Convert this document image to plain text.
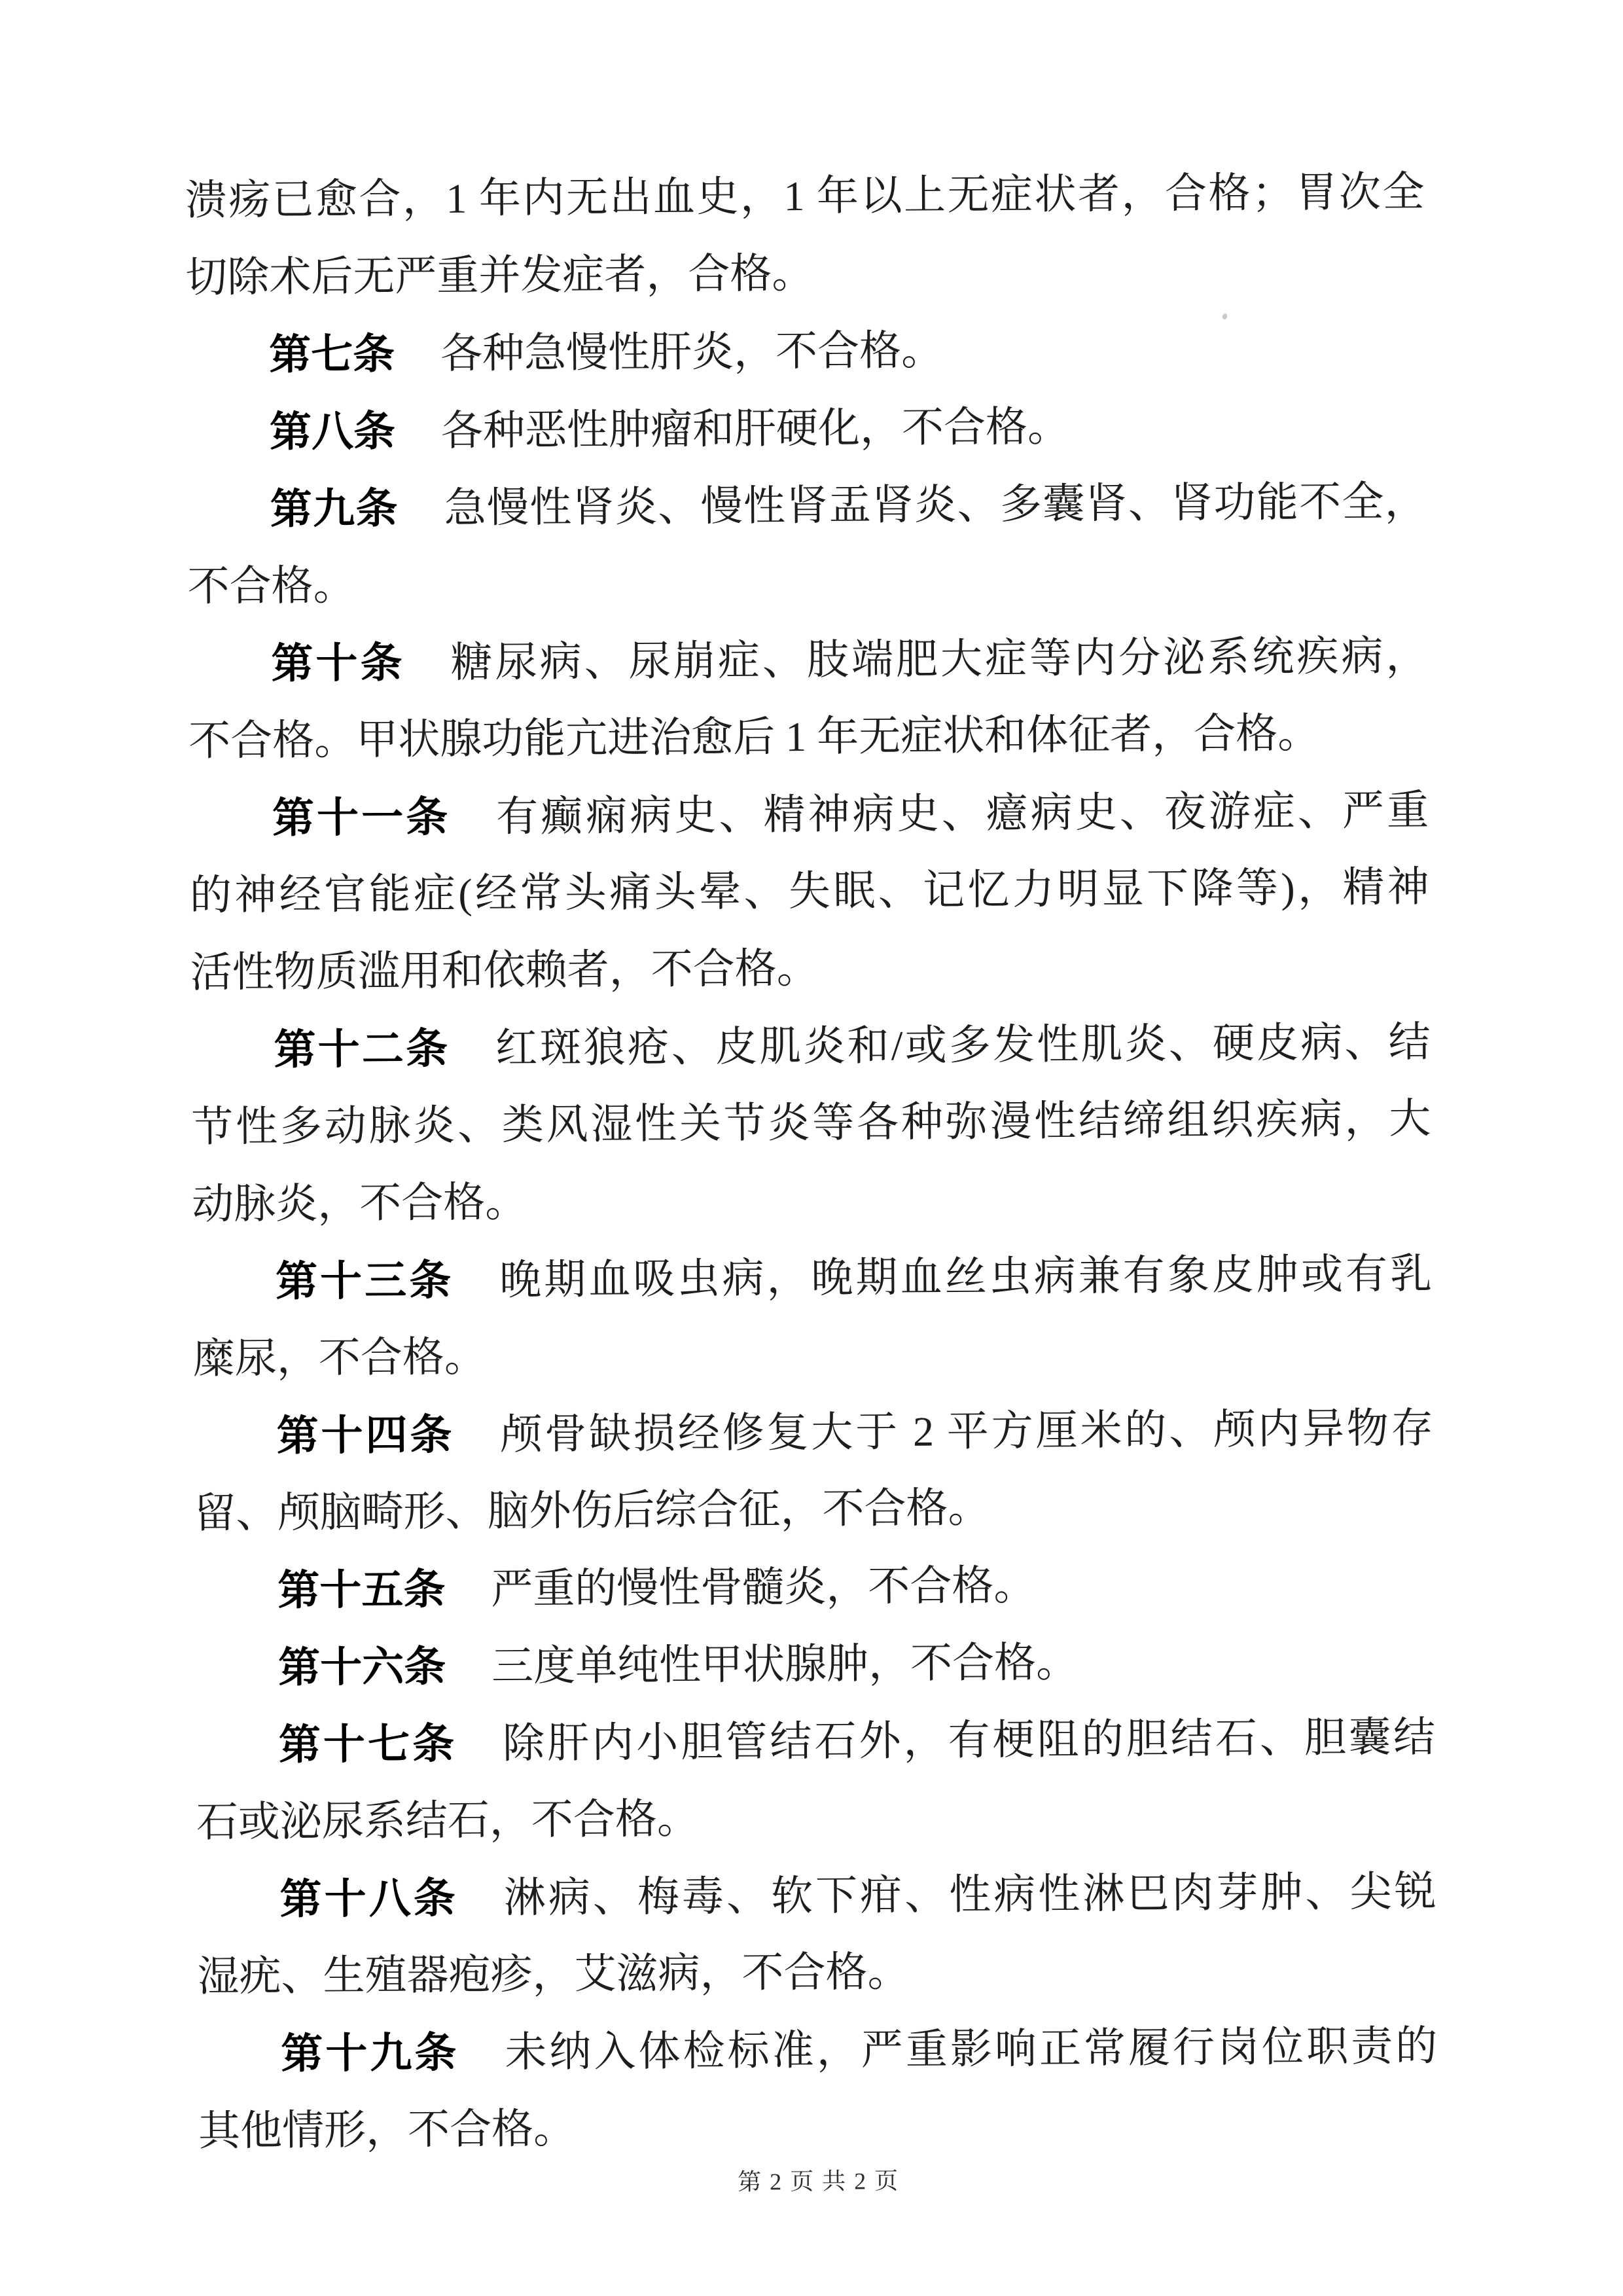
溃疡已愈合，1 年内无出血史，1 年以上无症状者，合格；胃次全
切除术后无严重并发症者，合格。
第七条 各种急慢性肝炎，不合格。
第八条 各种恶性肿瘤和肝硬化，不合格。
第九条 急慢性肾炎、慢性肾盂肾炎、多囊肾、肾功能不全，
不合格。
第十条 糖尿病、尿崩症、肢端肥大症等内分泌系统疾病，
不合格。甲状腺功能亢进治愈后 1 年无症状和体征者，合格。
第十一条 有癫痫病史、精神病史、癔病史、夜游症、严重
的神经官能症(经常头痛头晕、失眠、记忆力明显下降等)，精神
活性物质滥用和依赖者，不合格。
第十二条 红斑狼疮、皮肌炎和/或多发性肌炎、硬皮病、结
节性多动脉炎、类风湿性关节炎等各种弥漫性结缔组织疾病，大
动脉炎，不合格。
第十三条 晚期血吸虫病，晚期血丝虫病兼有象皮肿或有乳
糜尿，不合格。
第十四条 颅骨缺损经修复大于 2 平方厘米的、颅内异物存
留、颅脑畸形、脑外伤后综合征，不合格。
第十五条 严重的慢性骨髓炎，不合格。
第十六条 三度单纯性甲状腺肿，不合格。
第十七条 除肝内小胆管结石外，有梗阻的胆结石、胆囊结
石或泌尿系结石，不合格。
第十八条 淋病、梅毒、软下疳、性病性淋巴肉芽肿、尖锐
湿疣、生殖器疱疹，艾滋病，不合格。
第十九条 未纳入体检标准，严重影响正常履行岗位职责的
其他情形，不合格。
第 2 页 共 2 页
